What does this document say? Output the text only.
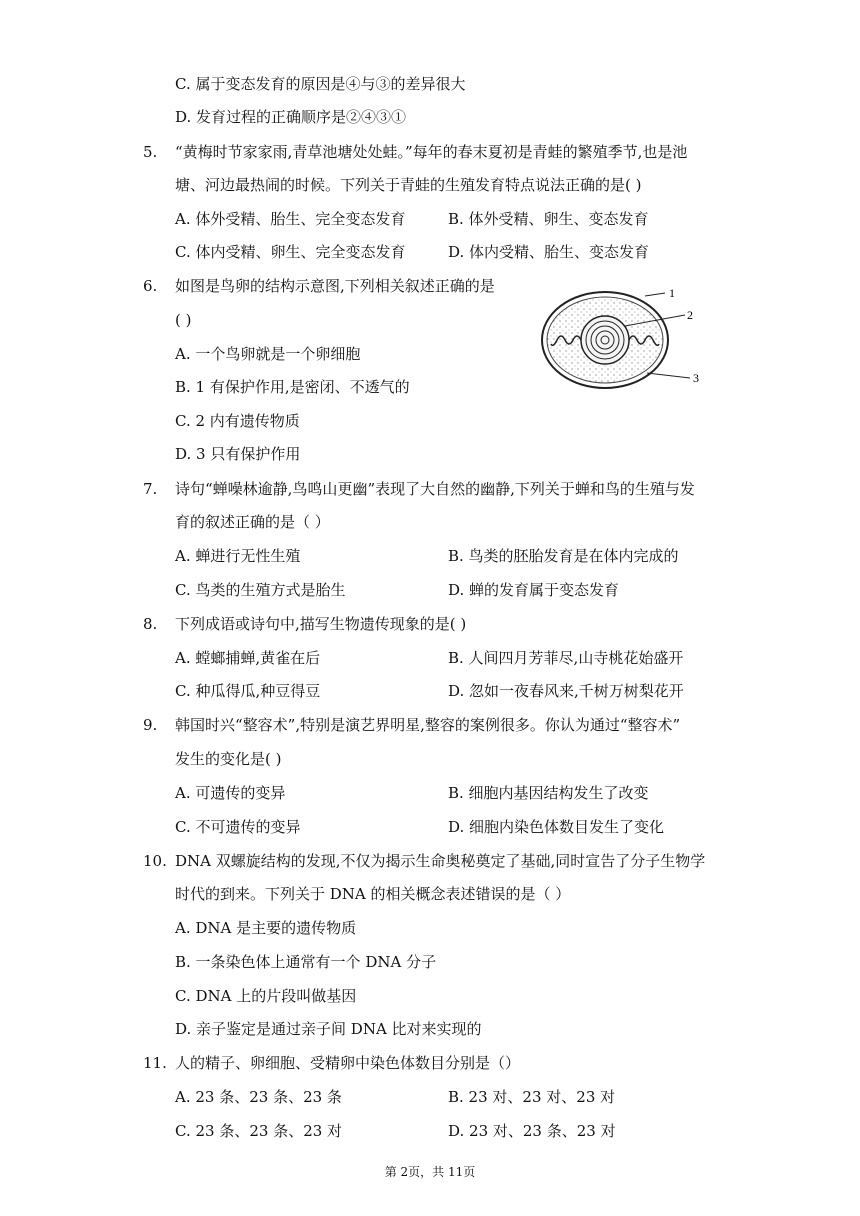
C. 属于变态发育的原因是④与③的差异很大
D. 发育过程的正确顺序是②④③①
5. “黄梅时节家家雨,青草池塘处处蛙。”每年的春末夏初是青蛙的繁殖季节,也是池
塘、河边最热闹的时候。下列关于青蛙的生殖发育特点说法正确的是( )
A. 体外受精、胎生、完全变态发育	B. 体外受精、卵生、变态发育
C. 体内受精、卵生、完全变态发育	D. 体内受精、胎生、变态发育
6. 如图是鸟卵的结构示意图,下列相关叙述正确的是
( )
A. 一个鸟卵就是一个卵细胞
B. 1 有保护作用,是密闭、不透气的
C. 2 内有遗传物质
D. 3 只有保护作用
1
2
3
7. 诗句“蝉噪林逾静,鸟鸣山更幽”表现了大自然的幽静,下列关于蝉和鸟的生殖与发
育的叙述正确的是（ ）
A. 蝉进行无性生殖	B. 鸟类的胚胎发育是在体内完成的
C. 鸟类的生殖方式是胎生	D. 蝉的发育属于变态发育
8. 下列成语或诗句中,描写生物遗传现象的是( )
A. 螳螂捕蝉,黄雀在后	B. 人间四月芳菲尽,山寺桃花始盛开
C. 种瓜得瓜,种豆得豆	D. 忽如一夜春风来,千树万树梨花开
9. 韩国时兴“整容术”,特别是演艺界明星,整容的案例很多。你认为通过“整容术”
发生的变化是( )
A. 可遗传的变异	B. 细胞内基因结构发生了改变
C. 不可遗传的变异	D. 细胞内染色体数目发生了变化
10. DNA 双螺旋结构的发现,不仅为揭示生命奥秘奠定了基础,同时宣告了分子生物学
时代的到来。下列关于 DNA 的相关概念表述错误的是（ ）
A. DNA 是主要的遗传物质
B. 一条染色体上通常有一个 DNA 分子
C. DNA 上的片段叫做基因
D. 亲子鉴定是通过亲子间 DNA 比对来实现的
11. 人的精子、卵细胞、受精卵中染色体数目分别是（）
A. 23 条、23 条、23 条	B. 23 对、23 对、23 对
C. 23 条、23 条、23 对	D. 23 对、23 条、23 对
第 2页，共 11页
